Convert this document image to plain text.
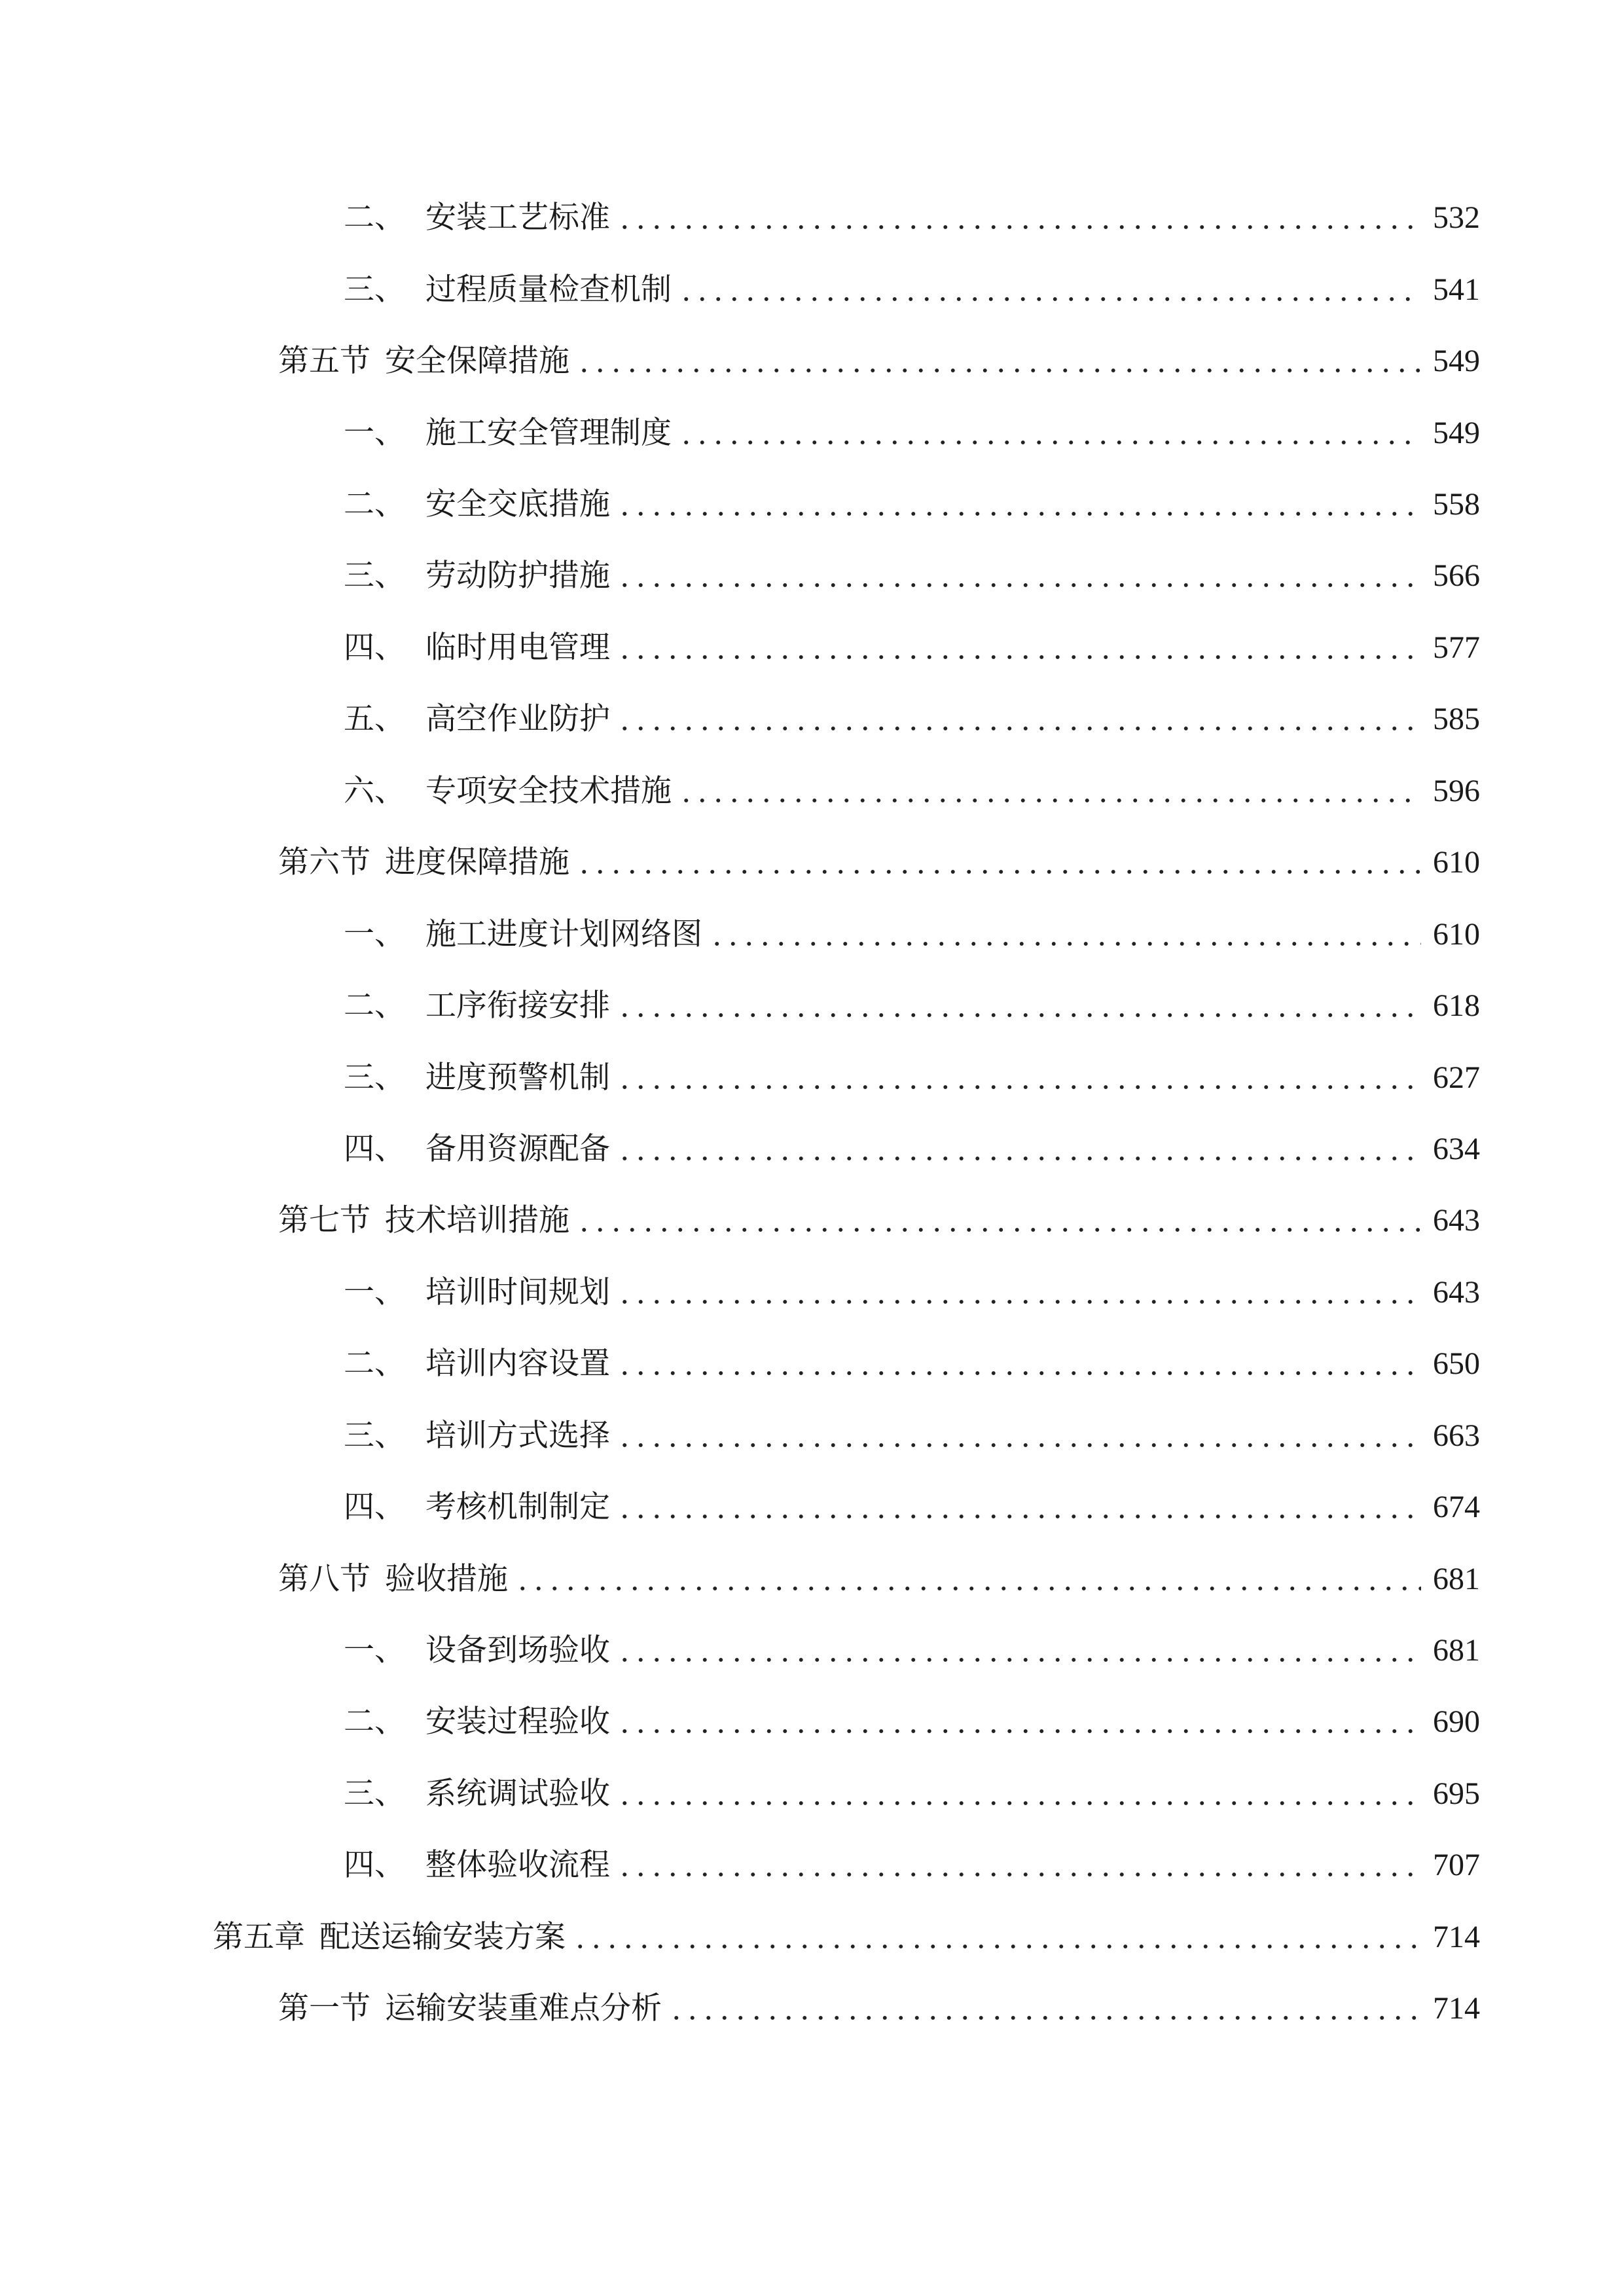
二、 安装工艺标准	532
三、 过程质量检查机制	541
第五节 安全保障措施	549
一、 施工安全管理制度	549
二、 安全交底措施	558
三、 劳动防护措施	566
四、 临时用电管理	577
五、 高空作业防护	585
六、 专项安全技术措施	596
第六节 进度保障措施	610
一、 施工进度计划网络图	610
二、 工序衔接安排	618
三、 进度预警机制	627
四、 备用资源配备	634
第七节 技术培训措施	643
一、 培训时间规划	643
二、 培训内容设置	650
三、 培训方式选择	663
四、 考核机制制定	674
第八节 验收措施	681
一、 设备到场验收	681
二、 安装过程验收	690
三、 系统调试验收	695
四、 整体验收流程	707
第五章 配送运输安装方案	714
第一节 运输安装重难点分析	714
